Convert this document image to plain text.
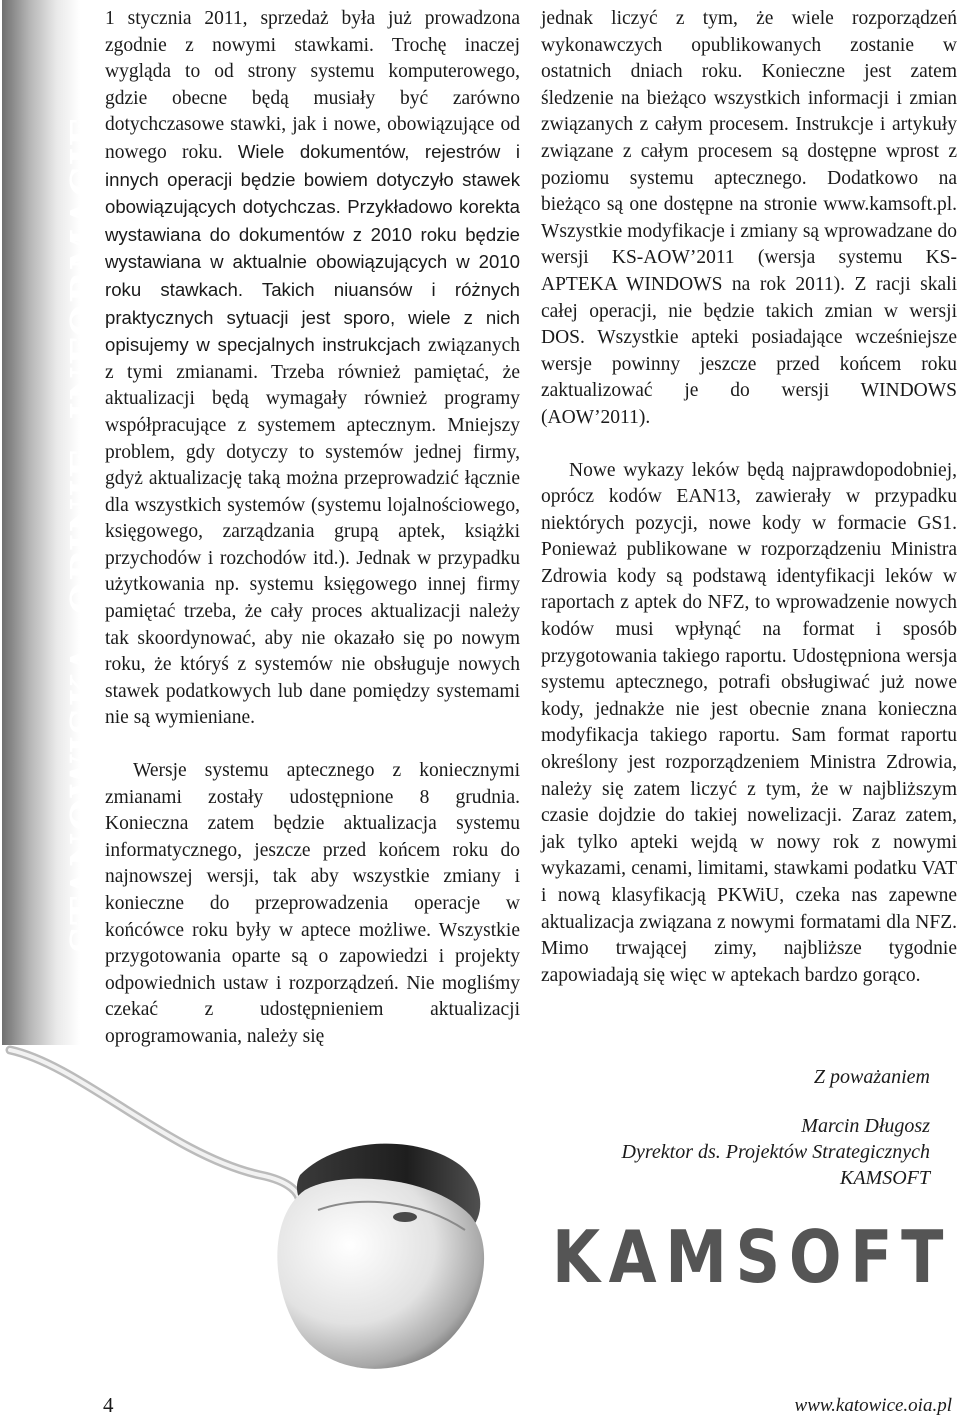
STANOWISKA, OPINIE, INFORMACJE

1 stycznia 2011, sprzedaż była już prowadzona zgodnie z nowymi stawkami. Trochę inaczej wygląda to od strony systemu komputerowego, gdzie obecne będą musiały być zarówno dotychczasowe stawki, jak i nowe, obowiązujące od nowego roku. Wiele dokumentów, rejestrów i innych operacji będzie bowiem dotyczyło stawek obowiązujących dotychczas. Przykładowo korekta wystawiana do dokumentów z 2010 roku będzie wystawiana w aktualnie obowiązujących w 2010 roku stawkach. Takich niuansów i różnych praktycznych sytuacji jest sporo, wiele z nich opisujemy w specjalnych instrukcjach związanych z tymi zmianami. Trzeba również pamiętać, że aktualizacji będą wymagały również programy współpracujące z systemem aptecznym. Mniejszy problem, gdy dotyczy to systemów jednej firmy, gdyż aktualizację taką można przeprowadzić łącznie dla wszystkich systemów (systemu lojalnościowego, księgowego, zarządzania grupą aptek, książki przychodów i rozchodów itd.). Jednak w przypadku użytkowania np. systemu księgowego innej firmy pamiętać trzeba, że cały proces aktualizacji należy tak skoordynować, aby nie okazało się po nowym roku, że któryś z systemów nie obsługuje nowych stawek podatkowych lub dane pomiędzy systemami nie są wymieniane.

Wersje systemu aptecznego z koniecznymi zmianami zostały udostępnione 8 grudnia. Konieczna zatem będzie aktualizacja systemu informatycznego, jeszcze przed końcem roku do najnowszej wersji, tak aby wszystkie zmiany i konieczne do przeprowadzenia operacje w końcówce roku były w aptece możliwe. Wszystkie przygotowania oparte są o zapowiedzi i projekty odpowiednich ustaw i rozporządzeń. Nie mogliśmy czekać z udostępnieniem aktualizacji oprogramowania, należy się

jednak liczyć z tym, że wiele rozporządzeń wykonawczych opublikowanych zostanie w ostatnich dniach roku. Konieczne jest zatem śledzenie na bieżąco wszystkich informacji i zmian związanych z całym procesem. Instrukcje i artykuły związane z całym procesem są dostępne wprost z poziomu systemu aptecznego. Dodatkowo na bieżąco są one dostępne na stronie www.kamsoft.pl. Wszystkie modyfikacje i zmiany są wprowadzane do wersji KS-AOW’2011 (wersja systemu KS-APTEKA WINDOWS na rok 2011). Z racji skali całej operacji, nie będzie takich zmian w wersji DOS. Wszystkie apteki posiadające wcześniejsze wersje powinny jeszcze przed końcem roku zaktualizować je do wersji WINDOWS (AOW’2011).

Nowe wykazy leków będą najprawdopodobniej, oprócz kodów EAN13, zawierały w przypadku niektórych pozycji, nowe kody w formacie GS1. Ponieważ publikowane w rozporządzeniu Ministra Zdrowia kody są podstawą identyfikacji leków w raportach z aptek do NFZ, to wprowadzenie nowych kodów musi wpłynąć na format i sposób przygotowania takiego raportu. Udostępniona wersja systemu aptecznego, potrafi obsługiwać już nowe kody, jednakże nie jest obecnie znana konieczna modyfikacja takiego raportu. Sam format raportu określony jest rozporządzeniem Ministra Zdrowia, należy się zatem liczyć z tym, że w najbliższym czasie dojdzie do takiej nowelizacji. Zaraz zatem, jak tylko apteki wejdą w nowy rok z nowymi wykazami, cenami, limitami, stawkami podatku VAT i nową klasyfikacją PKWiU, czeka nas zapewne aktualizacja związana z nowymi formatami dla NFZ. Mimo trwającej zimy, najbliższe tygodnie zapowiadają się więc w aptekach bardzo gorąco.

Z poważaniem
Marcin Długosz
Dyrektor ds. Projektów Strategicznych
KAMSOFT
KAMSOFT
4	www.katowice.oia.pl
